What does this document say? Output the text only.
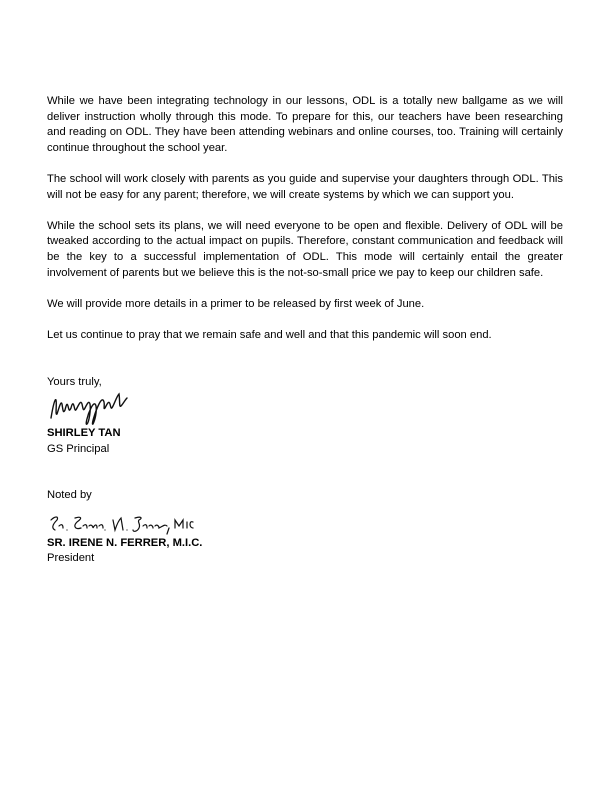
While we have been integrating technology in our lessons, ODL is a totally new ballgame as we will deliver instruction wholly through this mode. To prepare for this, our teachers have been researching and reading on ODL. They have been attending webinars and online courses, too. Training will certainly continue throughout the school year.

The school will work closely with parents as you guide and supervise your daughters through ODL. This will not be easy for any parent; therefore, we will create systems by which we can support you.

While the school sets its plans, we will need everyone to be open and flexible. Delivery of ODL will be tweaked according to the actual impact on pupils. Therefore, constant communication and feedback will be the key to a successful implementation of ODL. This mode will certainly entail the greater involvement of parents but we believe this is the not-so-small price we pay to keep our children safe.

We will provide more details in a primer to be released by first week of June.

Let us continue to pray that we remain safe and well and that this pandemic will soon end.

Yours truly,
SHIRLEY TAN
GS Principal
Noted by
SR. IRENE N. FERRER, M.I.C.
President
